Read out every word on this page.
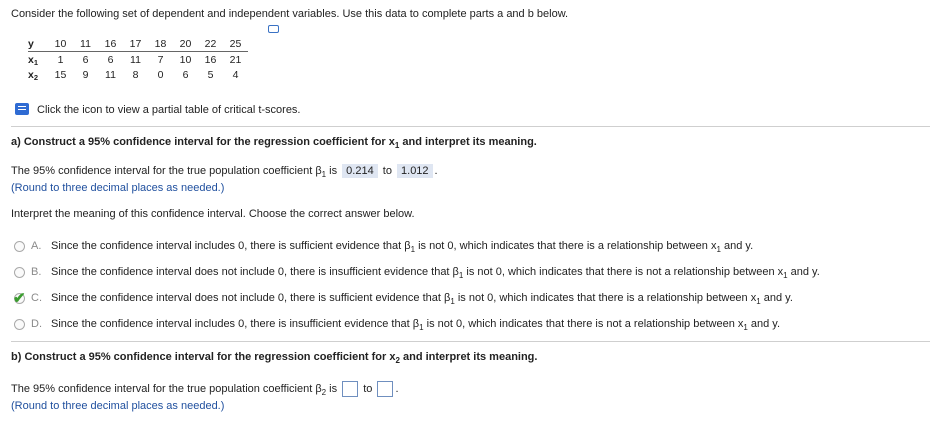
Consider the following set of dependent and independent variables. Use this data to complete parts a and b below.
y	10	11	16	17	18	20	22	25
x1	1	6	6	11	7	10	16	21
x2	15	9	11	8	0	6	5	4
Click the icon to view a partial table of critical t-scores.
a) Construct a 95% confidence interval for the regression coefficient for $x_1$ and interpret its meaning.
The 95% confidence interval for the true population coefficient $\beta_1$ is 0.214 to 1.012 .
(Round to three decimal places as needed.)
Interpret the meaning of this confidence interval. Choose the correct answer below.
A. Since the confidence interval includes 0, there is sufficient evidence that $\beta_1$ is not 0, which indicates that there is a relationship between $x_1$ and y.
B. Since the confidence interval does not include 0, there is insufficient evidence that $\beta_1$ is not 0, which indicates that there is not a relationship between $x_1$ and y.
✔ C. Since the confidence interval does not include 0, there is sufficient evidence that $\beta_1$ is not 0, which indicates that there is a relationship between $x_1$ and y.
D. Since the confidence interval includes 0, there is insufficient evidence that $\beta_1$ is not 0, which indicates that there is not a relationship between $x_1$ and y.
b) Construct a 95% confidence interval for the regression coefficient for $x_2$ and interpret its meaning.
The 95% confidence interval for the true population coefficient $\beta_2$ is to .
(Round to three decimal places as needed.)
